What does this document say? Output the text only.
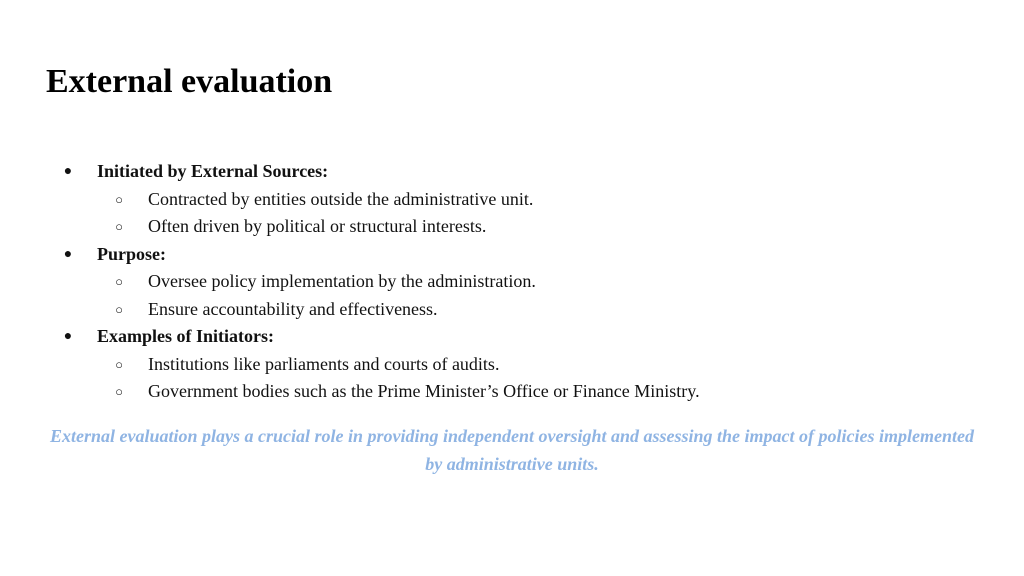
External evaluation
● Initiated by External Sources:
○ Contracted by entities outside the administrative unit.
○ Often driven by political or structural interests.
● Purpose:
○ Oversee policy implementation by the administration.
○ Ensure accountability and effectiveness.
● Examples of Initiators:
○ Institutions like parliaments and courts of audits.
○ Government bodies such as the Prime Minister’s Office or Finance Ministry.

External evaluation plays a crucial role in providing independent oversight and assessing the impact of policies implemented by administrative units.
